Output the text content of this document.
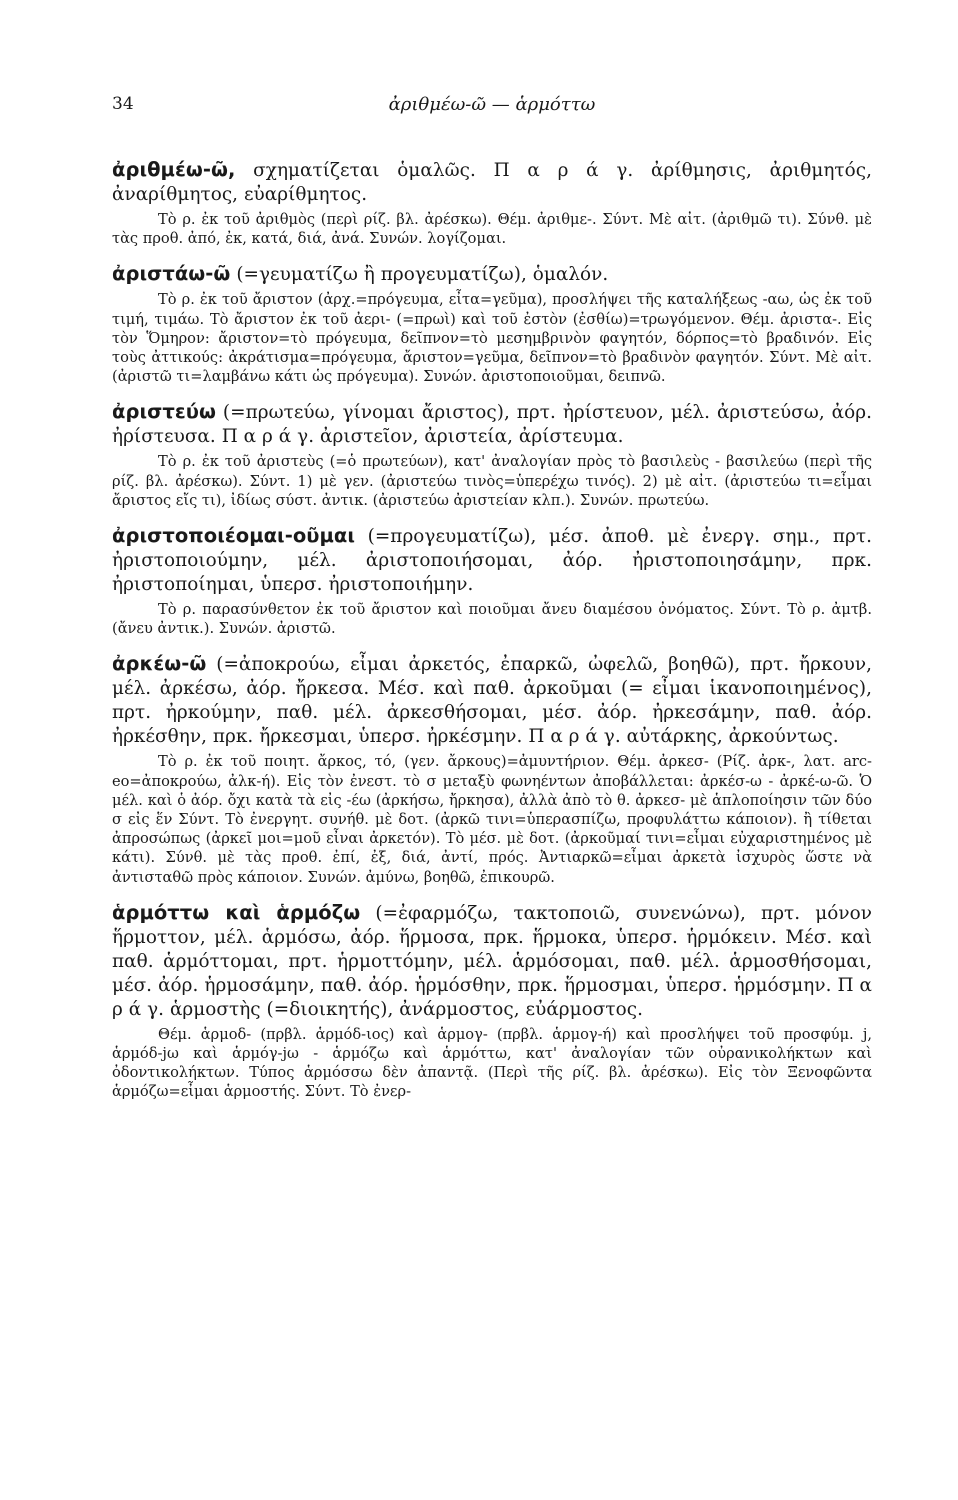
34	ἀριθμέω-ῶ — ἁρμόττω

ἀριθμέω-ῶ, σχηματίζεται ὁμαλῶς. Π α ρ ά γ. ἀρίθμησις, ἀριθμητός, ἀναρίθμητος, εὐαρίθμητος.

Τὸ ρ. ἐκ τοῦ ἀριθμὸς (περὶ ρίζ. βλ. ἀρέσκω). Θέμ. ἀριθμε-. Σύντ. Μὲ αἰτ. (ἀριθμῶ τι). Σύνθ. μὲ τὰς προθ. ἀπό, ἐκ, κατά, διά, ἀνά. Συνών. λογίζομαι.

ἀριστάω-ῶ (=γευματίζω ἢ προγευματίζω), ὁμαλόν.

Τὸ ρ. ἐκ τοῦ ἄριστον (ἀρχ.=πρόγευμα, εἶτα=γεῦμα), προσλήψει τῆς καταλήξεως -αω, ὡς ἐκ τοῦ τιμή, τιμάω. Τὸ ἄριστον ἐκ τοῦ ἀερι- (=πρωὶ) καὶ τοῦ ἐστὸν (ἐσθίω)=τρωγόμενον. Θέμ. ἀριστα-. Εἰς τὸν Ὅμηρον: ἄριστον=τὸ πρόγευμα, δεῖπνον=τὸ μεσημβρινὸν φαγητόν, δόρπος=τὸ βραδινόν. Εἰς τοὺς ἀττικούς: ἀκράτισμα=πρόγευμα, ἄριστον=γεῦμα, δεῖπνον=τὸ βραδινὸν φαγητόν. Σύντ. Μὲ αἰτ. (ἀριστῶ τι=λαμβάνω κάτι ὡς πρόγευμα). Συνών. ἀριστοποιοῦμαι, δειπνῶ.

ἀριστεύω (=πρωτεύω, γίνομαι ἄριστος), πρτ. ἠρίστευον, μέλ. ἀριστεύσω, ἀόρ. ἠρίστευσα. Π α ρ ά γ. ἀριστεῖον, ἀριστεία, ἀρίστευμα.

Τὸ ρ. ἐκ τοῦ ἀριστεὺς (=ὁ πρωτεύων), κατ' ἀναλογίαν πρὸς τὸ βασιλεὺς - βασιλεύω (περὶ τῆς ρίζ. βλ. ἀρέσκω). Σύντ. 1) μὲ γεν. (ἀριστεύω τινὸς=ὑπερέχω τινός). 2) μὲ αἰτ. (ἀριστεύω τι=εἶμαι ἄριστος εἴς τι), ἰδίως σύστ. ἀντικ. (ἀριστεύω ἀριστείαν κλπ.). Συνών. πρωτεύω.

ἀριστοποιέομαι-οῦμαι (=προγευματίζω), μέσ. ἀποθ. μὲ ἐνεργ. σημ., πρτ. ἠριστοποιούμην, μέλ. ἀριστοποιήσομαι, ἀόρ. ἠριστοποιησάμην, πρκ. ἠριστοποίημαι, ὑπερσ. ἠριστοποιήμην.

Τὸ ρ. παρασύνθετον ἐκ τοῦ ἄριστον καὶ ποιοῦμαι ἄνευ διαμέσου ὀνόματος. Σύντ. Τὸ ρ. ἀμτβ. (ἄνευ ἀντικ.). Συνών. ἀριστῶ.

ἀρκέω-ῶ (=ἀποκρούω, εἶμαι ἀρκετός, ἐπαρκῶ, ὠφελῶ, βοηθῶ), πρτ. ἤρκουν, μέλ. ἀρκέσω, ἀόρ. ἤρκεσα. Μέσ. καὶ παθ. ἀρκοῦμαι (= εἶμαι ἱκανοποιημένος), πρτ. ἠρκούμην, παθ. μέλ. ἀρκεσθήσομαι, μέσ. ἀόρ. ἠρκεσάμην, παθ. ἀόρ. ἠρκέσθην, πρκ. ἤρκεσμαι, ὑπερσ. ἠρκέσμην. Π α ρ ά γ. αὐτάρκης, ἀρκούντως.

Τὸ ρ. ἐκ τοῦ ποιητ. ἄρκος, τό, (γεν. ἄρκους)=ἀμυντήριον. Θέμ. ἀρκεσ- (Ρίζ. ἀρκ-, λατ. arc-eo=ἀποκρούω, ἀλκ-ή). Εἰς τὸν ἐνεστ. τὸ σ μεταξὺ φωνηέντων ἀποβάλλεται: ἀρκέσ-ω - ἀρκέ-ω-ῶ. Ὁ μέλ. καὶ ὁ ἀόρ. ὄχι κατὰ τὰ εἰς -έω (ἀρκήσω, ἤρκησα), ἀλλὰ ἀπὸ τὸ θ. ἀρκεσ- μὲ ἁπλοποίησιν τῶν δύο σ εἰς ἕν Σύντ. Τὸ ἐνεργητ. συνήθ. μὲ δοτ. (ἀρκῶ τινι=ὑπερασπίζω, προφυλάττω κάποιον). ἢ τίθεται ἀπροσώπως (ἀρκεῖ μοι=μοῦ εἶναι ἀρκετόν). Τὸ μέσ. μὲ δοτ. (ἀρκοῦμαί τινι=εἶμαι εὐχαριστημένος μὲ κάτι). Σύνθ. μὲ τὰς προθ. ἐπί, ἐξ, διά, ἀντί, πρός. Ἀντιαρκῶ=εἶμαι ἀρκετὰ ἰσχυρὸς ὥστε νὰ ἀντισταθῶ πρὸς κάποιον. Συνών. ἀμύνω, βοηθῶ, ἐπικουρῶ.

ἁρμόττω καὶ ἁρμόζω (=ἐφαρμόζω, τακτοποιῶ, συνενώνω), πρτ. μόνον ἥρμοττον, μέλ. ἁρμόσω, ἀόρ. ἥρμοσα, πρκ. ἥρμοκα, ὑπερσ. ἡρμόκειν. Μέσ. καὶ παθ. ἁρμόττομαι, πρτ. ἡρμοττόμην, μέλ. ἁρμόσομαι, παθ. μέλ. ἁρμοσθήσομαι, μέσ. ἀόρ. ἡρμοσάμην, παθ. ἀόρ. ἡρμόσθην, πρκ. ἥρμοσμαι, ὑπερσ. ἡρμόσμην. Π α ρ ά γ. ἁρμοστὴς (=διοικητής), ἀνάρμοστος, εὐάρμοστος.

Θέμ. ἁρμοδ- (πρβλ. ἁρμόδ-ιος) καὶ ἁρμογ- (πρβλ. ἁρμογ-ή) καὶ προσλήψει τοῦ προσφύμ. j, ἁρμόδ-jω καὶ ἁρμόγ-jω - ἁρμόζω καὶ ἁρμόττω, κατ' ἀναλογίαν τῶν οὐρανικολήκτων καὶ ὀδοντικολήκτων. Τύπος ἁρμόσσω δὲν ἀπαντᾷ. (Περὶ τῆς ρίζ. βλ. ἀρέσκω). Εἰς τὸν Ξενοφῶντα ἁρμόζω=εἶμαι ἁρμοστής. Σύντ. Τὸ ἐνερ-
